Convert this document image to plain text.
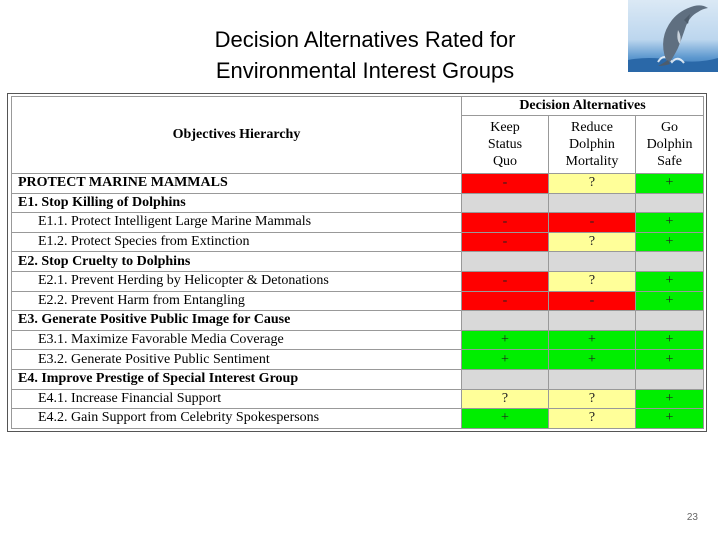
Decision Alternatives Rated for
Environmental Interest Groups
Objectives Hierarchy	Decision Alternatives		
	Keep
Status
Quo	Reduce
Dolphin
Mortality	Go
Dolphin
Safe
PROTECT MARINE MAMMALS	-	?	+
E1. Stop Killing of Dolphins			
E1.1. Protect Intelligent Large Marine Mammals	-	-	+
E1.2. Protect Species from Extinction	-	?	+
E2. Stop Cruelty to Dolphins			
E2.1. Prevent Herding by Helicopter & Detonations	-	?	+
E2.2. Prevent Harm from Entangling	-	-	+
E3. Generate Positive Public Image for Cause			
E3.1. Maximize Favorable Media Coverage	+	+	+
E3.2. Generate Positive Public Sentiment	+	+	+
E4. Improve Prestige of Special Interest Group			
E4.1. Increase Financial Support	?	?	+
E4.2. Gain Support from Celebrity Spokespersons	+	?	+
23
